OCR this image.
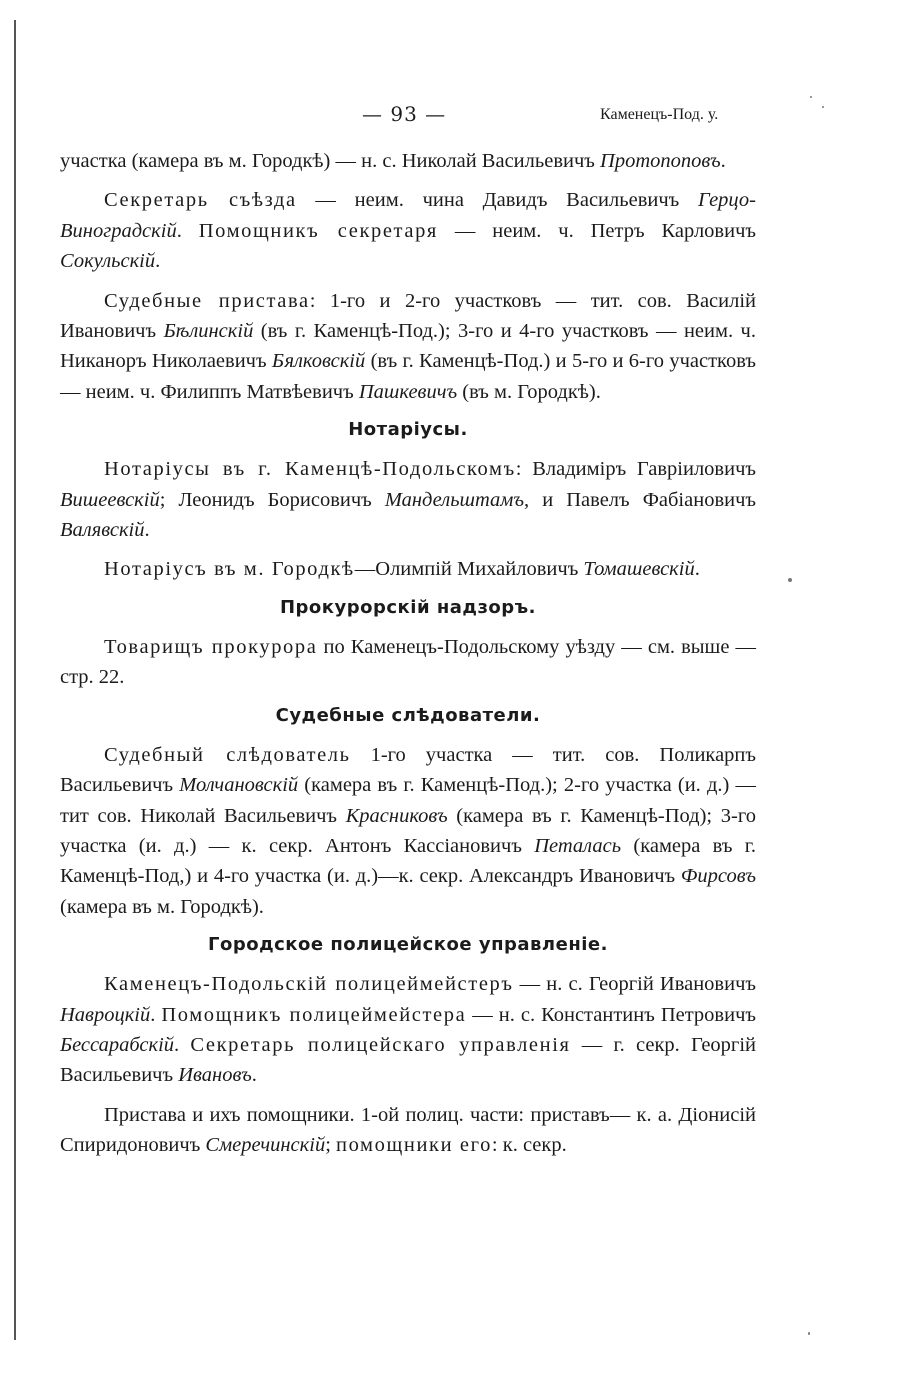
— 93 —	Каменецъ-Под. у.

участка (камера въ м. Городкѣ) — н. с. Николай Васильевичъ Протопоповъ.

Секретарь съѣзда — неим. чина Давидъ Васильевичъ Герцо-Виноградскій. Помощникъ секретаря — неим. ч. Петръ Карловичъ Сокульскій.

Судебные пристава: 1-го и 2-го участковъ — тит. сов. Василій Ивановичъ Бѣлинскій (въ г. Каменцѣ-Под.); 3-го и 4-го участковъ — неим. ч. Никаноръ Николаевичъ Бялковскій (въ г. Каменцѣ-Под.) и 5-го и 6-го участковъ — неим. ч. Филиппъ Матвѣевичъ Пашкевичъ (въ м. Городкѣ).

Нотаріусы.

Нотаріусы въ г. Каменцѣ-Подольскомъ: Владиміръ Гавріиловичъ Вишеевскій; Леонидъ Борисовичъ Мандельштамъ, и Павелъ Фабіановичъ Валявскій.

Нотаріусъ въ м. Городкѣ—Олимпій Михайловичъ Томашевскій.

Прокурорскій надзоръ.

Товарищъ прокурора по Каменецъ-Подольскому уѣзду — см. выше — стр. 22.

Судебные слѣдователи.

Судебный слѣдователь 1-го участка — тит. сов. Поликарпъ Васильевичъ Молчановскій (камера въ г. Каменцѣ-Под.); 2-го участка (и. д.) — тит сов. Николай Васильевичъ Красниковъ (камера въ г. Каменцѣ-Под); 3-го участка (и. д.) — к. секр. Антонъ Кассіановичъ Петалась (камера въ г. Каменцѣ-Под,) и 4-го участка (и. д.)—к. секр. Александръ Ивановичъ Фирсовъ (камера въ м. Городкѣ).

Городское полицейское управленіе.

Каменецъ-Подольскій полицеймейстеръ — н. с. Георгій Ивановичъ Навроцкій. Помощникъ полицеймейстера — н. с. Константинъ Петровичъ Бессарабскій. Секретарь полицейскаго управленія — г. секр. Георгій Васильевичъ Ивановъ.

Пристава и ихъ помощники. 1-ой полиц. части: приставъ— к. а. Діонисій Спиридоновичъ Смеречинскій; помощники его: к. секр.
